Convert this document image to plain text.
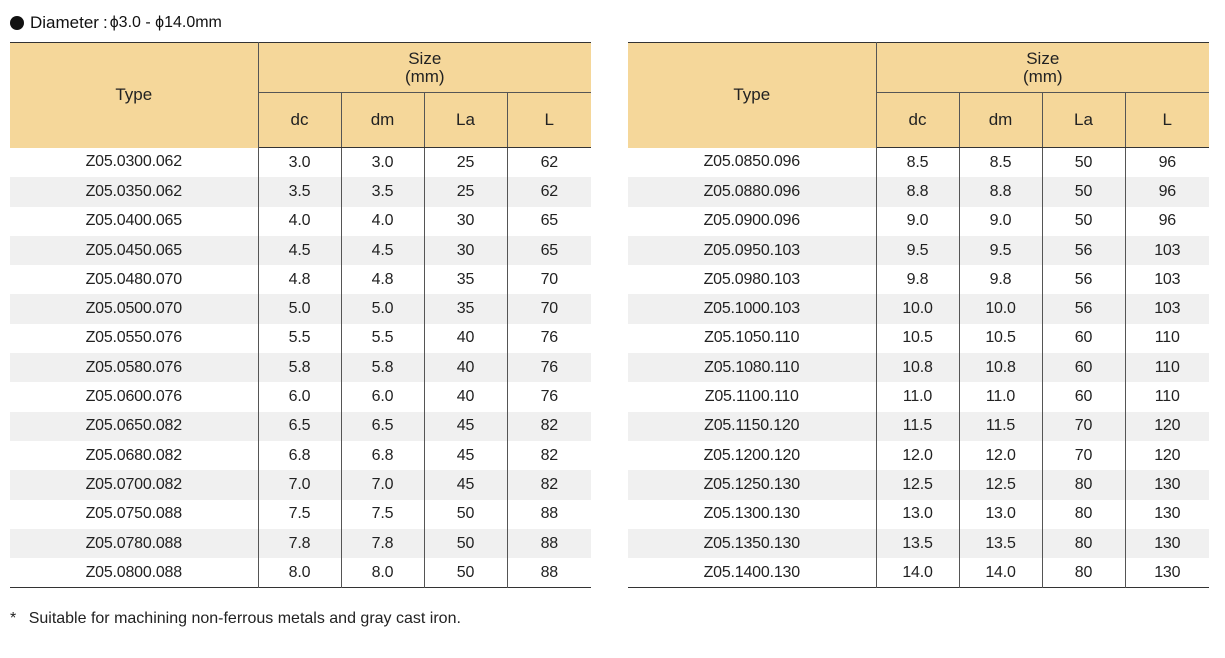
Diameter : ϕ3.0 - ϕ14.0mm
Type	Size
(mm)			

	dc	dm	La	L
Z05.0300.062	3.0	3.0	25	62
Z05.0350.062	3.5	3.5	25	62
Z05.0400.065	4.0	4.0	30	65
Z05.0450.065	4.5	4.5	30	65
Z05.0480.070	4.8	4.8	35	70
Z05.0500.070	5.0	5.0	35	70
Z05.0550.076	5.5	5.5	40	76
Z05.0580.076	5.8	5.8	40	76
Z05.0600.076	6.0	6.0	40	76
Z05.0650.082	6.5	6.5	45	82
Z05.0680.082	6.8	6.8	45	82
Z05.0700.082	7.0	7.0	45	82
Z05.0750.088	7.5	7.5	50	88
Z05.0780.088	7.8	7.8	50	88
Z05.0800.088	8.0	8.0	50	88
Type	Size
(mm)			

	dc	dm	La	L
Z05.0850.096	8.5	8.5	50	96
Z05.0880.096	8.8	8.8	50	96
Z05.0900.096	9.0	9.0	50	96
Z05.0950.103	9.5	9.5	56	103
Z05.0980.103	9.8	9.8	56	103
Z05.1000.103	10.0	10.0	56	103
Z05.1050.110	10.5	10.5	60	110
Z05.1080.110	10.8	10.8	60	110
Z05.1100.110	11.0	11.0	60	110
Z05.1150.120	11.5	11.5	70	120
Z05.1200.120	12.0	12.0	70	120
Z05.1250.130	12.5	12.5	80	130
Z05.1300.130	13.0	13.0	80	130
Z05.1350.130	13.5	13.5	80	130
Z05.1400.130	14.0	14.0	80	130
* Suitable for machining non-ferrous metals and gray cast iron.
